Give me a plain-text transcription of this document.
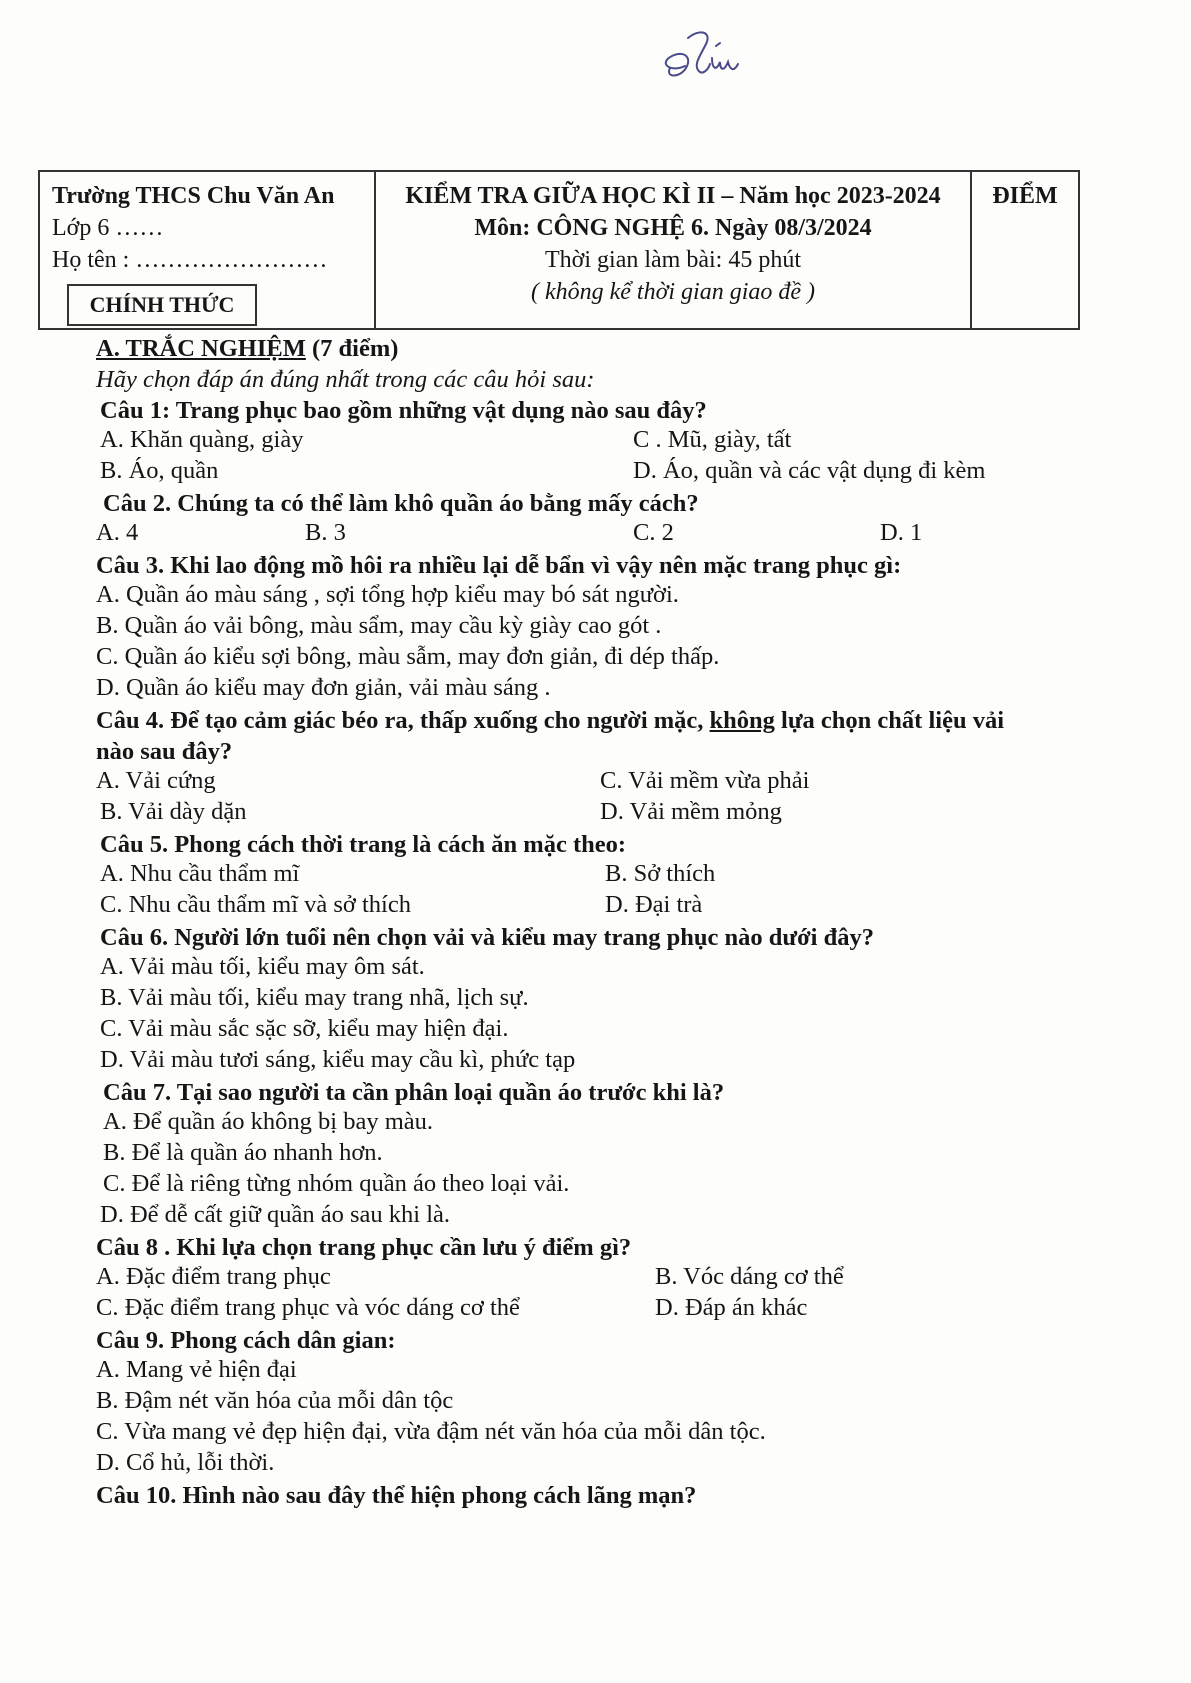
Trường THCS Chu Văn An
Lớp 6 ……
Họ tên : ……………………
CHÍNH THỨC
KIỂM TRA GIỮA HỌC KÌ II – Năm học 2023-2024
Môn: CÔNG NGHỆ 6. Ngày 08/3/2024
Thời gian làm bài: 45 phút
( không kể thời gian giao đề )
ĐIỂM
A. TRẮC NGHIỆM (7 điểm)
Hãy chọn đáp án đúng nhất trong các câu hỏi sau:
Câu 1: Trang phục bao gồm những vật dụng nào sau đây?
A. Khăn quàng, giày	C . Mũ, giày, tất
B. Áo, quần	D. Áo, quần và các vật dụng đi kèm
Câu 2. Chúng ta có thể làm khô quần áo bằng mấy cách?
A. 4	B. 3	C. 2	D. 1
Câu 3. Khi lao động mồ hôi ra nhiều lại dễ bẩn vì vậy nên mặc trang phục gì:
A. Quần áo màu sáng , sợi tổng hợp kiểu may bó sát người.
B. Quần áo vải bông, màu sẩm, may cầu kỳ giày cao gót .
C. Quần áo kiểu sợi bông, màu sẫm, may đơn giản, đi dép thấp.
D. Quần áo kiểu may đơn giản, vải màu sáng .
Câu 4. Để tạo cảm giác béo ra, thấp xuống cho người mặc, không lựa chọn chất liệu vải
nào sau đây?
A. Vải cứng	C. Vải mềm vừa phải
B. Vải dày dặn	D. Vải mềm mỏng
Câu 5. Phong cách thời trang là cách ăn mặc theo:
A. Nhu cầu thẩm mĩ	B. Sở thích
C. Nhu cầu thẩm mĩ và sở thích	D. Đại trà
Câu 6. Người lớn tuổi nên chọn vải và kiểu may trang phục nào dưới đây?
A. Vải màu tối, kiểu may ôm sát.
B. Vải màu tối, kiểu may trang nhã, lịch sự.
C. Vải màu sắc sặc sỡ, kiểu may hiện đại.
D. Vải màu tươi sáng, kiểu may cầu kì, phức tạp
Câu 7. Tại sao người ta cần phân loại quần áo trước khi là?
A. Để quần áo không bị bay màu.
B. Để là quần áo nhanh hơn.
C. Để là riêng từng nhóm quần áo theo loại vải.
D. Để dễ cất giữ quần áo sau khi là.
Câu 8 . Khi lựa chọn trang phục cần lưu ý điểm gì?
A. Đặc điểm trang phục	B. Vóc dáng cơ thể
C. Đặc điểm trang phục và vóc dáng cơ thể	D. Đáp án khác
Câu 9. Phong cách dân gian:
A. Mang vẻ hiện đại
B. Đậm nét văn hóa của mỗi dân tộc
C. Vừa mang vẻ đẹp hiện đại, vừa đậm nét văn hóa của mỗi dân tộc.
D. Cổ hủ, lỗi thời.
Câu 10. Hình nào sau đây thể hiện phong cách lãng mạn?
